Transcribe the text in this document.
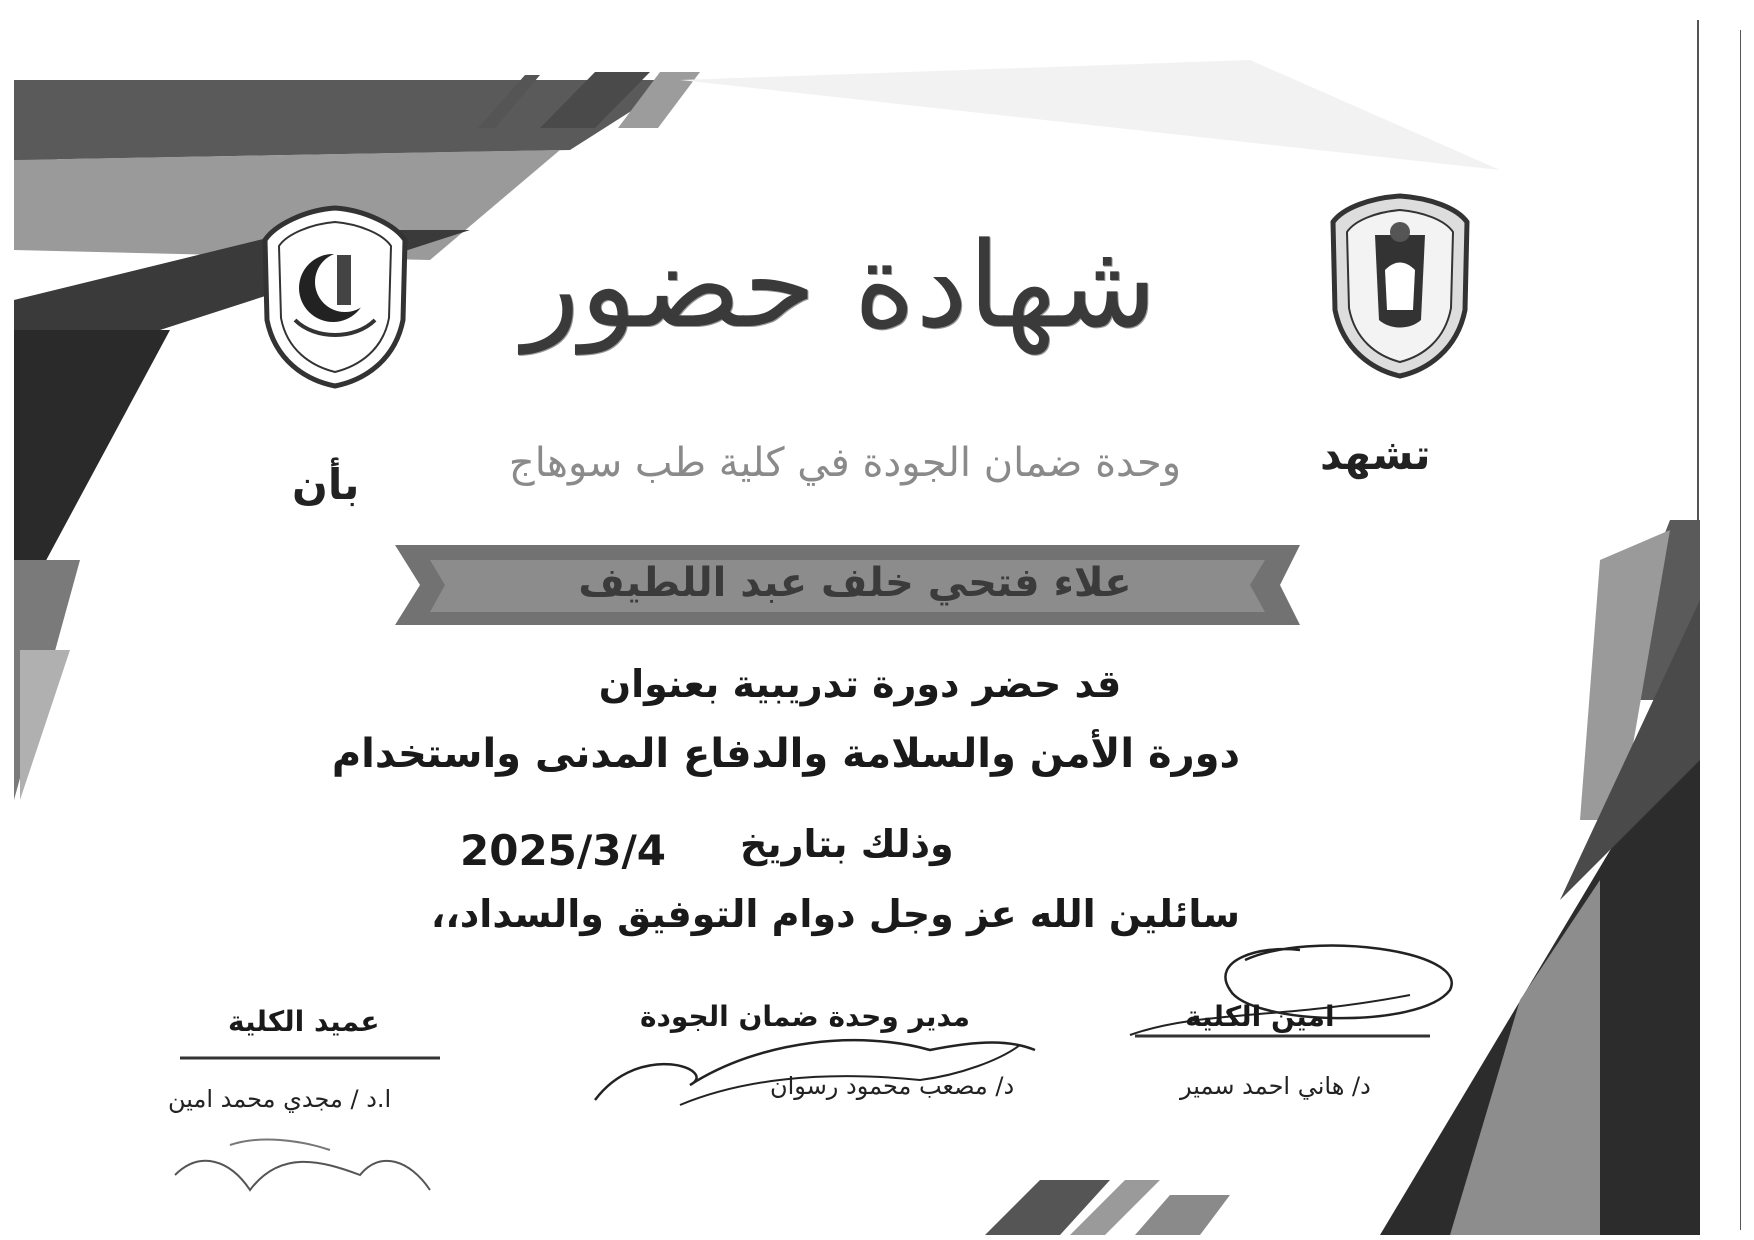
شهادة حضور
تشهد
وحدة ضمان الجودة في كلية طب سوهاج
بأن
علاء فتحي خلف عبد اللطيف
قد حضر دورة تدريبية بعنوان
دورة الأمن والسلامة والدفاع المدنى واستخدام
وذلك بتاريخ
2025/3/4
سائلين الله عز وجل دوام التوفيق والسداد،،
امين الكلية
د/ هاني احمد سمير
مدير وحدة ضمان الجودة
د/ مصعب محمود رسوان
عميد الكلية
ا.د / مجدي محمد امين
